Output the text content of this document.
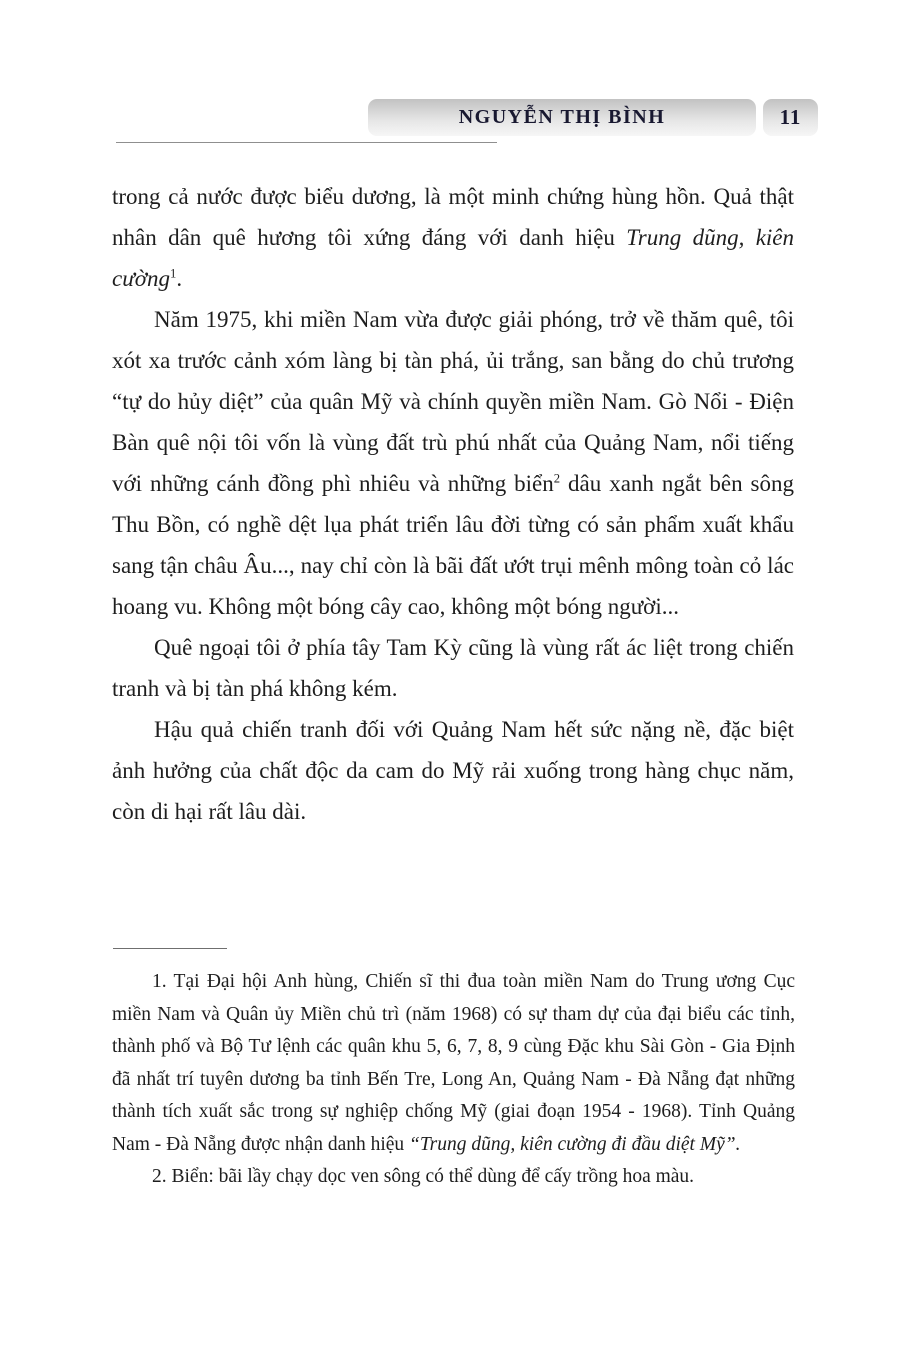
NGUYỄN THỊ BÌNH	11

trong cả nước được biểu dương, là một minh chứng hùng hồn. Quả thật nhân dân quê hương tôi xứng đáng với danh hiệu Trung dũng, kiên cường$^1$.

Năm 1975, khi miền Nam vừa được giải phóng, trở về thăm quê, tôi xót xa trước cảnh xóm làng bị tàn phá, ủi trắng, san bằng do chủ trương “tự do hủy diệt” của quân Mỹ và chính quyền miền Nam. Gò Nổi - Điện Bàn quê nội tôi vốn là vùng đất trù phú nhất của Quảng Nam, nổi tiếng với những cánh đồng phì nhiêu và những biển$^2$ dâu xanh ngắt bên sông Thu Bồn, có nghề dệt lụa phát triển lâu đời từng có sản phẩm xuất khẩu sang tận châu Âu..., nay chỉ còn là bãi đất ướt trụi mênh mông toàn cỏ lác hoang vu. Không một bóng cây cao, không một bóng người...

Quê ngoại tôi ở phía tây Tam Kỳ cũng là vùng rất ác liệt trong chiến tranh và bị tàn phá không kém.

Hậu quả chiến tranh đối với Quảng Nam hết sức nặng nề, đặc biệt ảnh hưởng của chất độc da cam do Mỹ rải xuống trong hàng chục năm, còn di hại rất lâu dài.

1. Tại Đại hội Anh hùng, Chiến sĩ thi đua toàn miền Nam do Trung ương Cục miền Nam và Quân ủy Miền chủ trì (năm 1968) có sự tham dự của đại biểu các tỉnh, thành phố và Bộ Tư lệnh các quân khu 5, 6, 7, 8, 9 cùng Đặc khu Sài Gòn - Gia Định đã nhất trí tuyên dương ba tỉnh Bến Tre, Long An, Quảng Nam - Đà Nẵng đạt những thành tích xuất sắc trong sự nghiệp chống Mỹ (giai đoạn 1954 - 1968). Tỉnh Quảng Nam - Đà Nẵng được nhận danh hiệu “Trung dũng, kiên cường đi đầu diệt Mỹ”.

2. Biển: bãi lầy chạy dọc ven sông có thể dùng để cấy trồng hoa màu.
